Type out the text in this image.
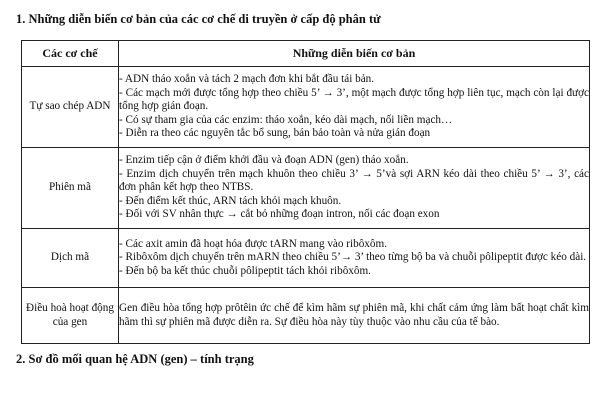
1. Những diễn biến cơ bản của các cơ chế di truyền ở cấp độ phân tử
Các cơ chế	Những diễn biến cơ bản
Tự sao chép ADN	- ADN tháo xoắn và tách 2 mạch đơn khi bắt đầu tái bản.
- Các mạch mới được tổng hợp theo chiều 5’ → 3’, một mạch được tổng hợp liên tục, mạch còn lại được tổng hợp gián đoạn.
- Có sự tham gia của các enzim: tháo xoắn, kéo dài mạch, nối liền mạch…
- Diễn ra theo các nguyên tắc bổ sung, bán bảo toàn và nửa gián đoạn

Phiên mã	- Enzim tiếp cận ở điểm khởi đầu và đoạn ADN (gen) tháo xoắn.
- Enzim dịch chuyển trên mạch khuôn theo chiều 3’ → 5’và sợi ARN kéo dài theo chiều 5’ → 3’, các đơn phân kết hợp theo NTBS.
- Đến điểm kết thúc, ARN tách khỏi mạch khuôn.
- Đối với SV nhân thực → cắt bỏ những đoạn intron, nối các đoạn exon

Dịch mã	- Các axit amin đã hoạt hóa được tARN mang vào ribôxôm.
- Ribôxôm dịch chuyển trên mARN theo chiều 5’→ 3’ theo từng bộ ba và chuỗi pôlipeptit được kéo dài.
- Đến bộ ba kết thúc chuỗi pôlipeptit tách khỏi ribôxôm.

Điều hoà hoạt động của gen	Gen điều hòa tổng hợp prôtêin ức chế để kìm hãm sự phiên mã, khi chất cảm ứng làm bất hoạt chất kìm hãm thì sự phiên mã được diễn ra. Sự điều hòa này tùy thuộc vào nhu cầu của tế bào.
2. Sơ đồ mối quan hệ ADN (gen) – tính trạng
